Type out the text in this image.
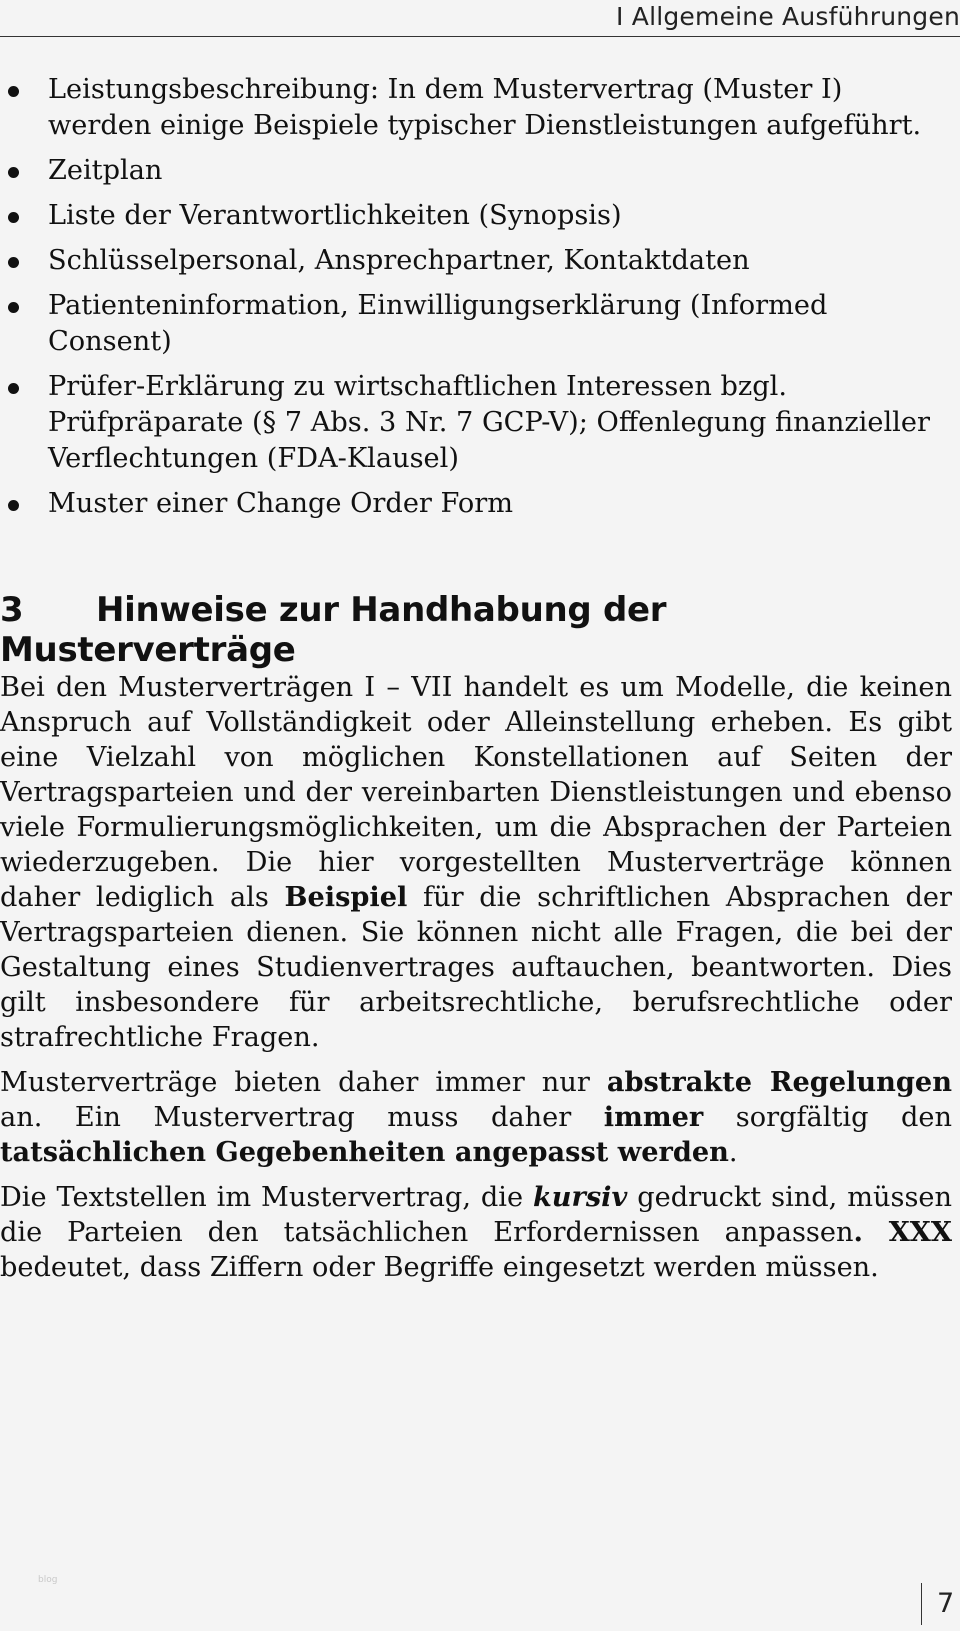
I Allgemeine Ausführungen
Leistungsbeschreibung: In dem Mustervertrag (Muster I) werden einige Beispiele typischer Dienstleistungen aufgeführt.
Zeitplan
Liste der Verantwortlichkeiten (Synopsis)
Schlüsselpersonal, Ansprechpartner, Kontaktdaten
Patienteninformation, Einwilligungserklärung (Informed Consent)
Prüfer-Erklärung zu wirtschaftlichen Interessen bzgl. Prüfpräparate (§ 7 Abs. 3 Nr. 7 GCP-V); Offenlegung finanzieller Verflechtungen (FDA-Klausel)
Muster einer Change Order Form
3 Hinweise zur Handhabung der Musterverträge

Bei den Musterverträgen I – VII handelt es um Modelle, die keinen Anspruch auf Vollständigkeit oder Alleinstellung erheben. Es gibt eine Vielzahl von möglichen Konstellationen auf Seiten der Vertragsparteien und der vereinbarten Dienstleistungen und ebenso viele Formulierungsmöglichkeiten, um die Absprachen der Parteien wiederzugeben. Die hier vorgestellten Musterverträge können daher lediglich als Beispiel für die schriftlichen Absprachen der Vertragsparteien dienen. Sie können nicht alle Fragen, die bei der Gestaltung eines Studienvertrages auftauchen, beantworten. Dies gilt insbesondere für arbeitsrechtliche, berufsrechtliche oder strafrechtliche Fragen.

Musterverträge bieten daher immer nur abstrakte Regelungen an. Ein Mustervertrag muss daher immer sorgfältig den tatsächlichen Gegebenheiten angepasst werden.

Die Textstellen im Mustervertrag, die kursiv gedruckt sind, müssen die Parteien den tatsächlichen Erfordernissen anpassen. XXX bedeutet, dass Ziffern oder Begriffe eingesetzt werden müssen.

blog
7
